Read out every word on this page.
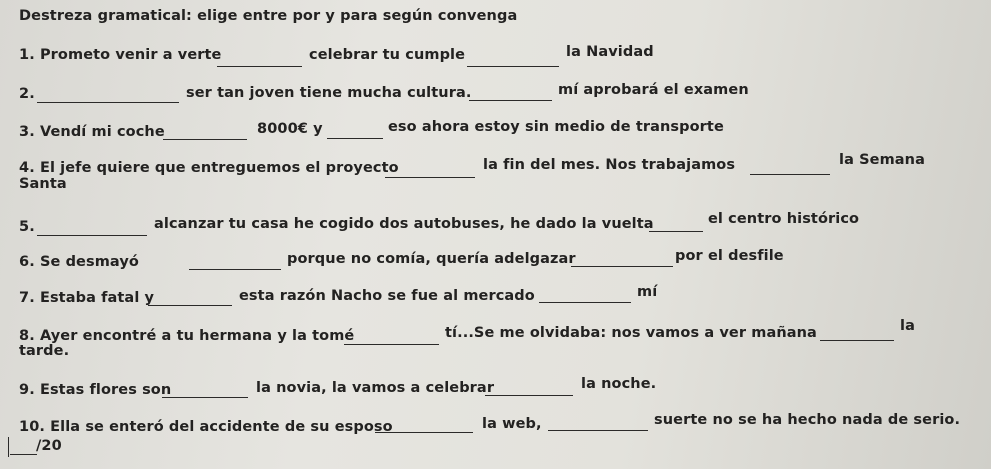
Destreza gramatical: elige entre por y para según convenga
1. Prometo venir a verte	celebrar tu cumple	la Navidad
2.	ser tan joven tiene mucha cultura.	mí aprobará el examen
3. Vendí mi coche	8000€ y	eso ahora estoy sin medio de transporte
4. El jefe quiere que entreguemos el proyecto	la fin del mes. Nos trabajamos	la Semana
Santa
5.	alcanzar tu casa he cogido dos autobuses, he dado la vuelta	el centro histórico
6. Se desmayó	porque no comía, quería adelgazar	por el desfile
7. Estaba fatal y	esta razón Nacho se fue al mercado	mí
8. Ayer encontré a tu hermana y la tomé	tí...Se me olvidaba: nos vamos a ver mañana	la
tarde.
9. Estas flores son	la novia, la vamos a celebrar	la noche.
10. Ella se enteró del accidente de su esposo	la web,	suerte no se ha hecho nada de serio.
/20
